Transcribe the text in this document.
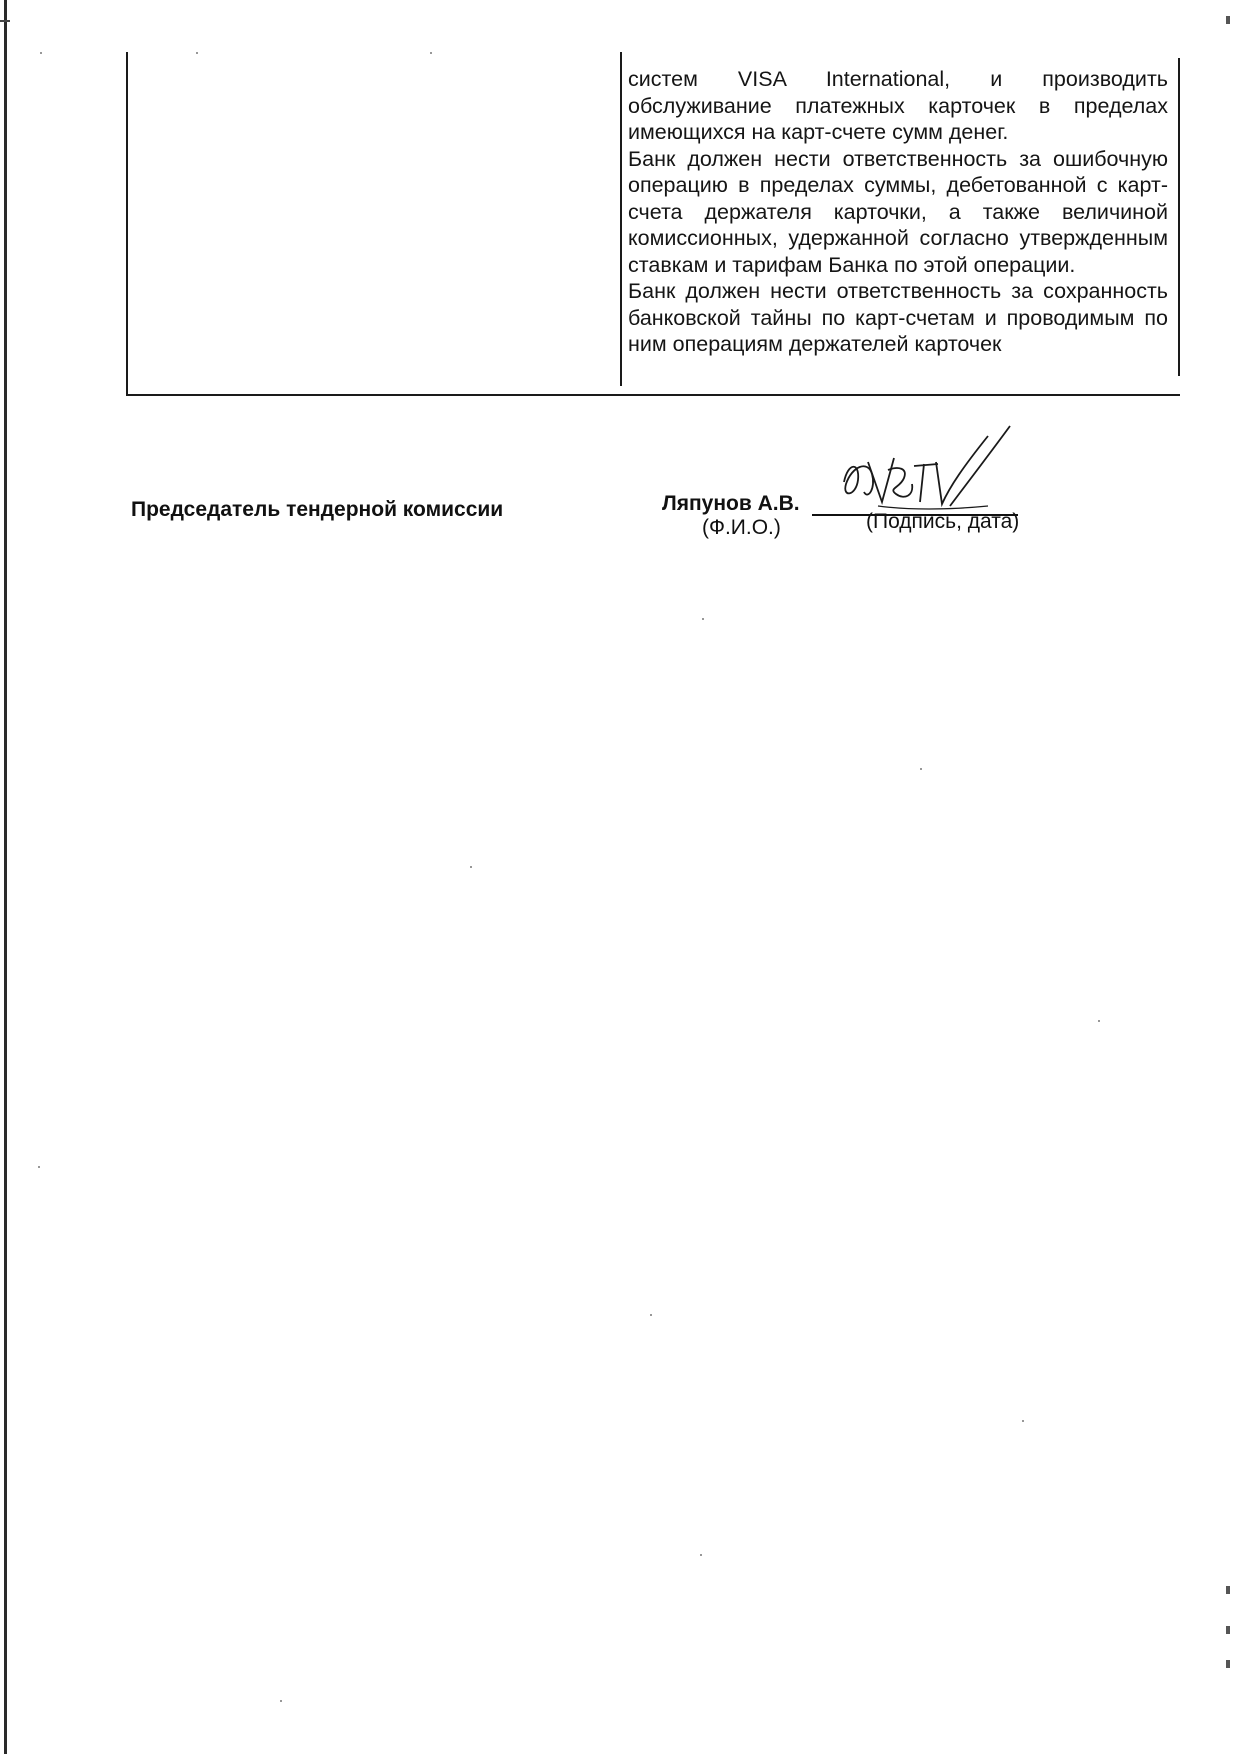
систем VISA International, и производить обслуживание платежных карточек в пределах имеющихся на карт-счете сумм денег.

Банк должен нести ответственность за ошибочную операцию в пределах суммы, дебетованной с карт-счета держателя карточки, а также величиной комиссионных, удержанной согласно утвержденным ставкам и тарифам Банка по этой операции.

Банк должен нести ответственность за сохранность банковской тайны по карт-счетам и проводимым по ним операциям держателей карточек

Председатель тендерной комиссии	Ляпунов А.В.
(Ф.И.О.)	(Подпись, дата)
